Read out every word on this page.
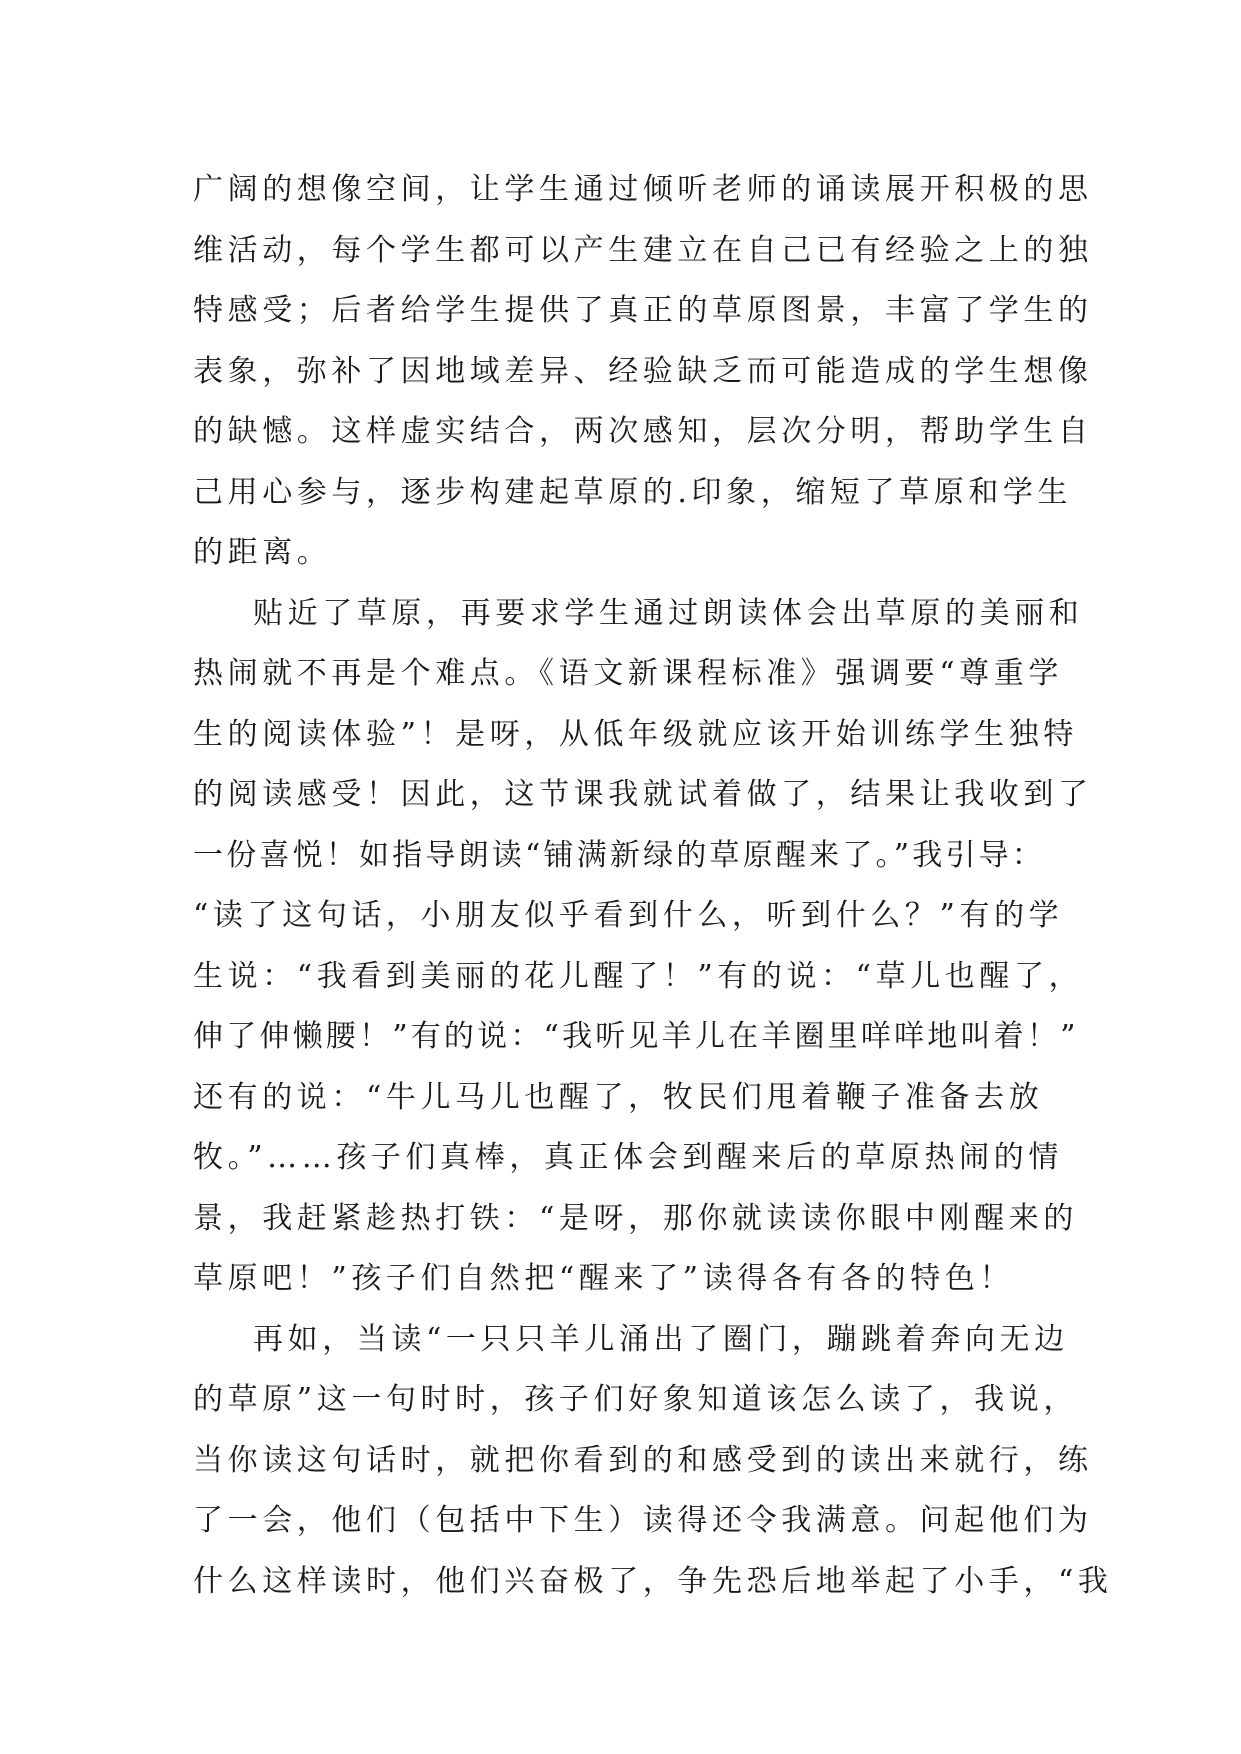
广阔的想像空间，让学生通过倾听老师的诵读展开积极的思
维活动，每个学生都可以产生建立在自己已有经验之上的独
特感受；后者给学生提供了真正的草原图景，丰富了学生的
表象，弥补了因地域差异、经验缺乏而可能造成的学生想像
的缺憾。这样虚实结合，两次感知，层次分明，帮助学生自
己用心参与，逐步构建起草原的.印象，缩短了草原和学生
的距离。
贴近了草原，再要求学生通过朗读体会出草原的美丽和
热闹就不再是个难点。《语文新课程标准》强调要“尊重学
生的阅读体验”！是呀，从低年级就应该开始训练学生独特
的阅读感受！因此，这节课我就试着做了，结果让我收到了
一份喜悦！如指导朗读“铺满新绿的草原醒来了。”我引导：
“读了这句话，小朋友似乎看到什么，听到什么？”有的学
生说：“我看到美丽的花儿醒了！”有的说：“草儿也醒了，
伸了伸懒腰！”有的说：“我听见羊儿在羊圈里咩咩地叫着！”
还有的说：“牛儿马儿也醒了，牧民们甩着鞭子准备去放
牧。”……孩子们真棒，真正体会到醒来后的草原热闹的情
景，我赶紧趁热打铁：“是呀，那你就读读你眼中刚醒来的
草原吧！”孩子们自然把“醒来了”读得各有各的特色！
再如，当读“一只只羊儿涌出了圈门，蹦跳着奔向无边
的草原”这一句时时，孩子们好象知道该怎么读了，我说，
当你读这句话时，就把你看到的和感受到的读出来就行，练
了一会，他们（包括中下生）读得还令我满意。问起他们为
什么这样读时，他们兴奋极了，争先恐后地举起了小手，“我
